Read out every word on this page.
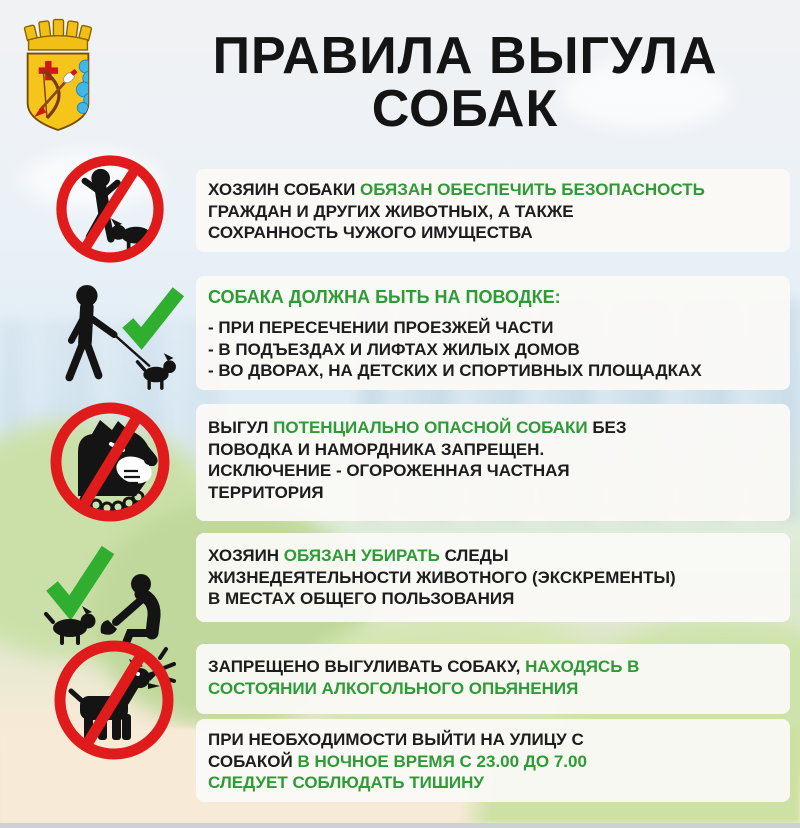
ПРАВИЛА ВЫГУЛА
СОБАК

ХОЗЯИН СОБАКИ ОБЯЗАН ОБЕСПЕЧИТЬ БЕЗОПАСНОСТЬ
ГРАЖДАН И ДРУГИХ ЖИВОТНЫХ, А ТАКЖЕ
СОХРАННОСТЬ ЧУЖОГО ИМУЩЕСТВА

СОБАКА ДОЛЖНА БЫТЬ НА ПОВОДКЕ:

- ПРИ ПЕРЕСЕЧЕНИИ ПРОЕЗЖЕЙ ЧАСТИ
- В ПОДЪЕЗДАХ И ЛИФТАХ ЖИЛЫХ ДОМОВ
- ВО ДВОРАХ, НА ДЕТСКИХ И СПОРТИВНЫХ ПЛОЩАДКАХ

ВЫГУЛ ПОТЕНЦИАЛЬНО ОПАСНОЙ СОБАКИ БЕЗ
ПОВОДКА И НАМОРДНИКА ЗАПРЕЩЕН.
ИСКЛЮЧЕНИЕ - ОГОРОЖЕННАЯ ЧАСТНАЯ
ТЕРРИТОРИЯ

ХОЗЯИН ОБЯЗАН УБИРАТЬ СЛЕДЫ
ЖИЗНЕДЕЯТЕЛЬНОСТИ ЖИВОТНОГО (ЭКСКРЕМЕНТЫ)
В МЕСТАХ ОБЩЕГО ПОЛЬЗОВАНИЯ

ЗАПРЕЩЕНО ВЫГУЛИВАТЬ СОБАКУ, НАХОДЯСЬ В
СОСТОЯНИИ АЛКОГОЛЬНОГО ОПЬЯНЕНИЯ

ПРИ НЕОБХОДИМОСТИ ВЫЙТИ НА УЛИЦУ С
СОБАКОЙ В НОЧНОЕ ВРЕМЯ С 23.00 ДО 7.00
СЛЕДУЕТ СОБЛЮДАТЬ ТИШИНУ
